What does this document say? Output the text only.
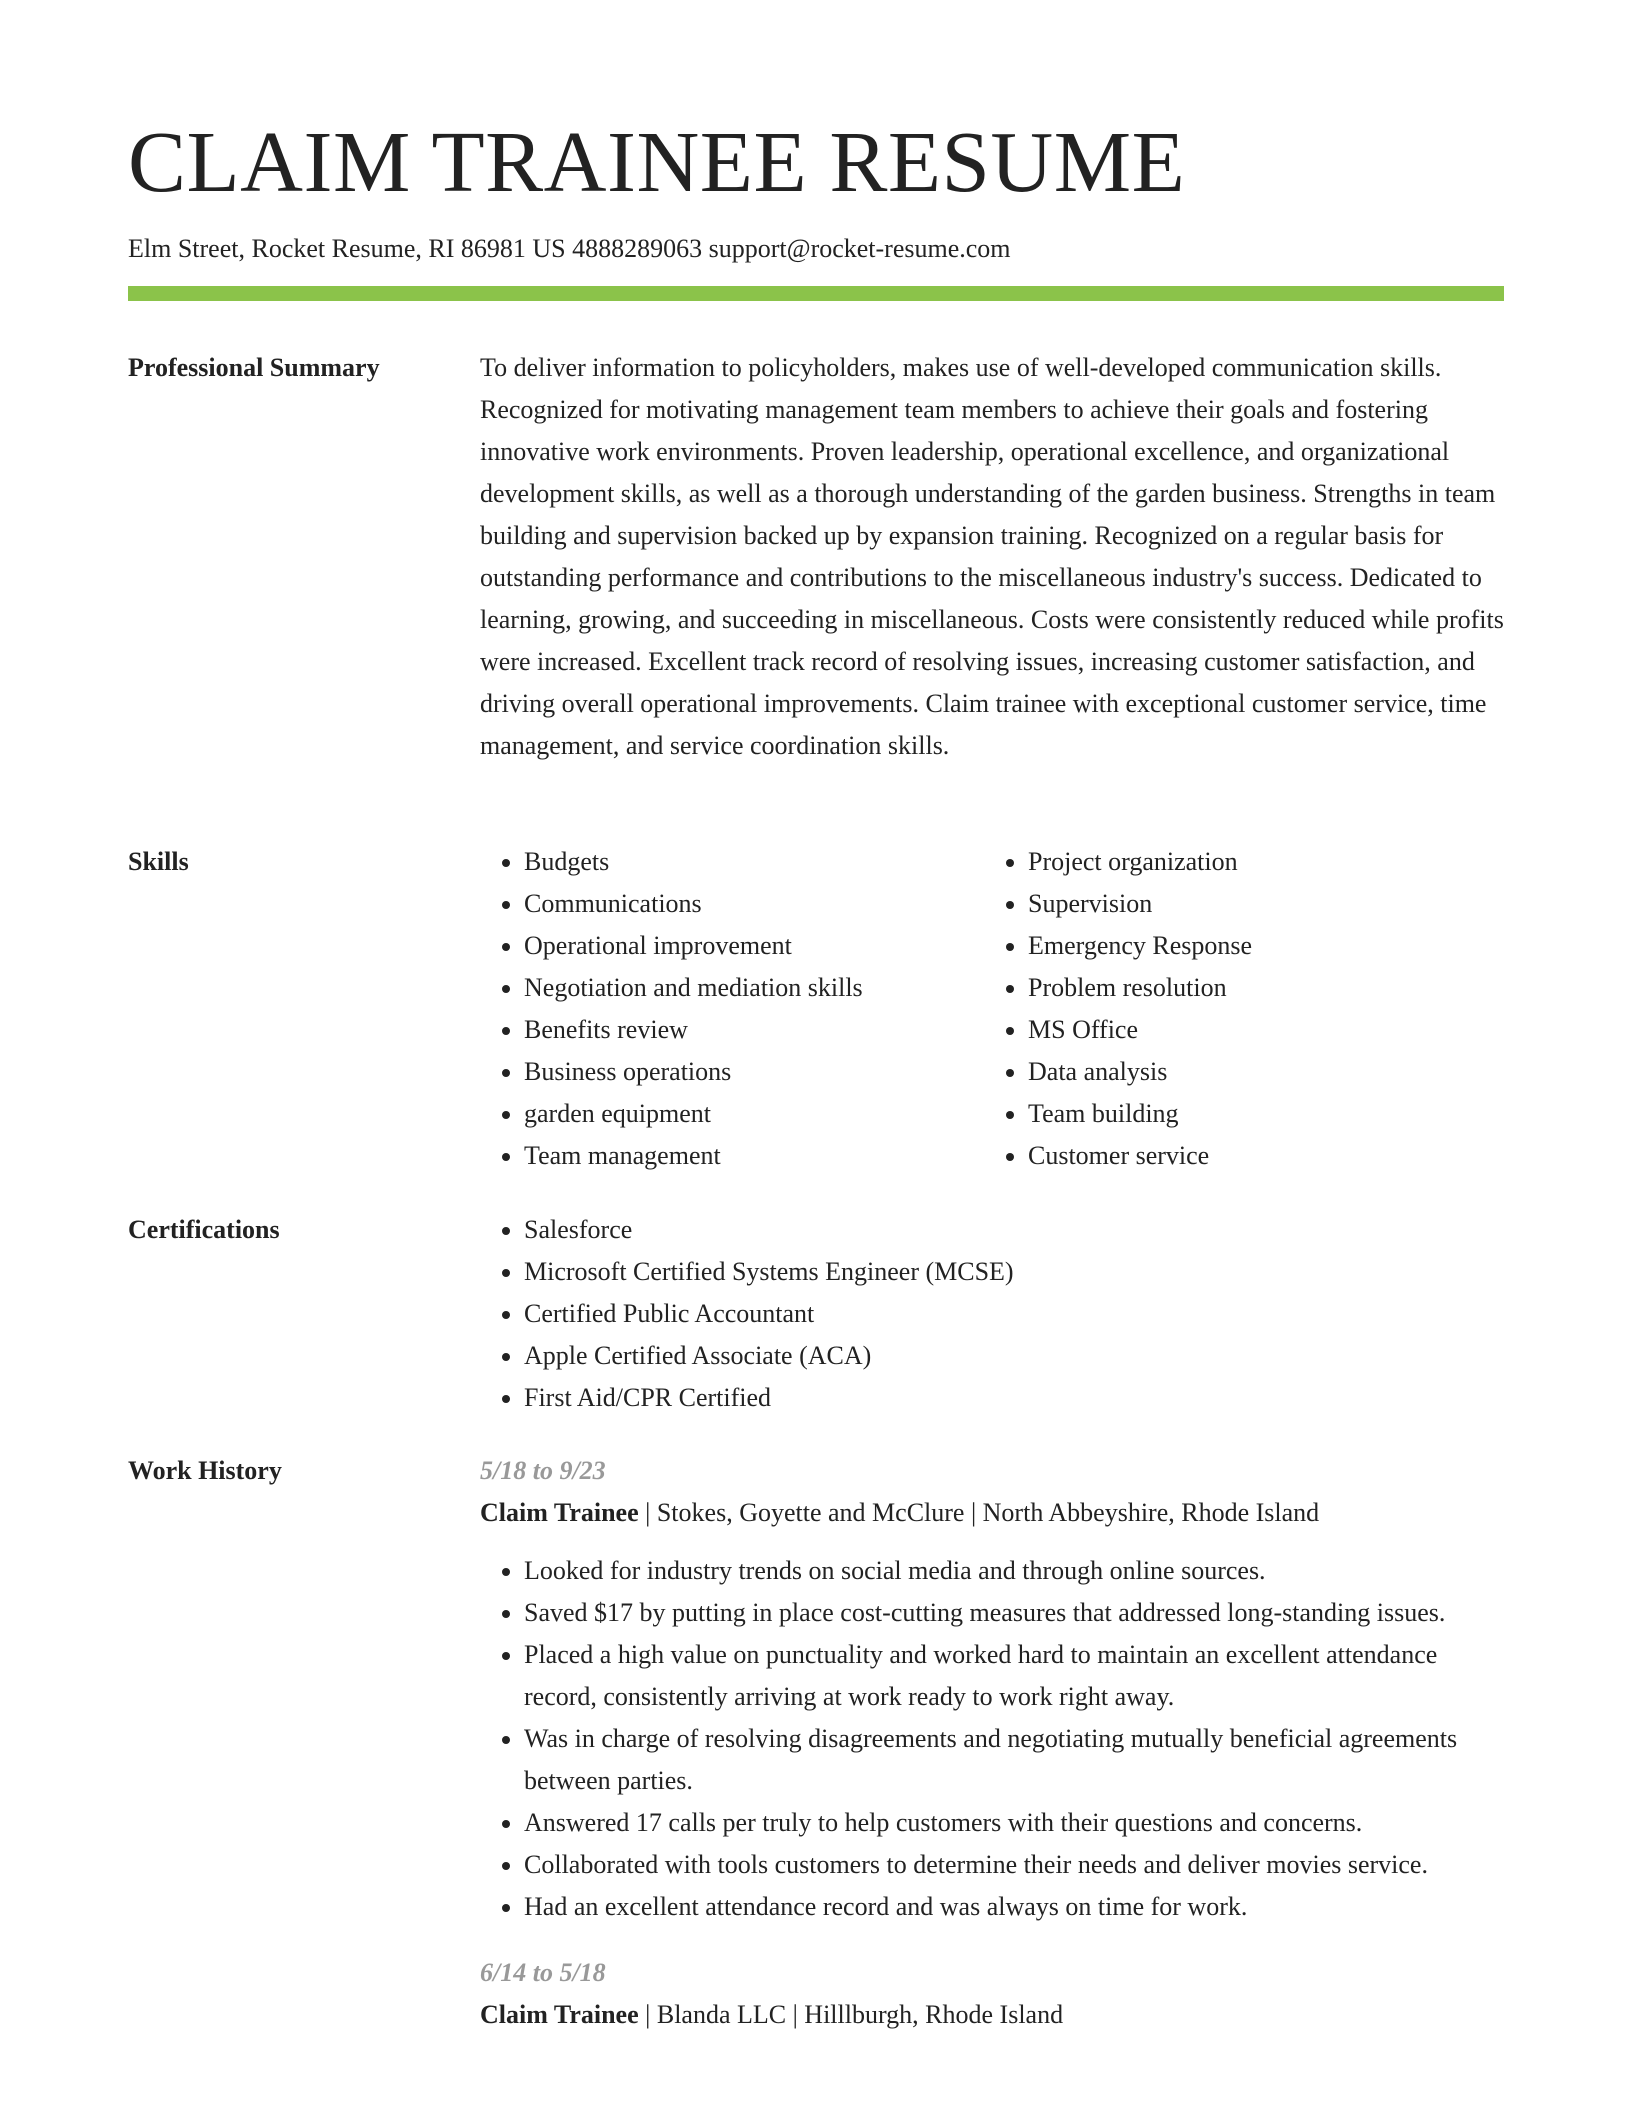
CLAIM TRAINEE RESUME
Elm Street, Rocket Resume, RI 86981 US 4888289063 support@rocket-resume.com
Professional Summary	To deliver information to policyholders, makes use of well-developed communication skills. Recognized for motivating management team members to achieve their goals and fostering innovative work environments. Proven leadership, operational excellence, and organizational development skills, as well as a thorough understanding of the garden business. Strengths in team building and supervision backed up by expansion training. Recognized on a regular basis for outstanding performance and contributions to the miscellaneous industry's success. Dedicated to learning, growing, and succeeding in miscellaneous. Costs were consistently reduced while profits were increased. Excellent track record of resolving issues, increasing customer satisfaction, and driving overall operational improvements. Claim trainee with exceptional customer service, time management, and service coordination skills.

Skills	• Budgets
• Communications
• Operational improvement
• Negotiation and mediation skills
• Benefits review
• Business operations
• garden equipment
• Team management
• Project organization
• Supervision
• Emergency Response
• Problem resolution
• MS Office
• Data analysis
• Team building
• Customer service
Certifications	• Salesforce
• Microsoft Certified Systems Engineer (MCSE)
• Certified Public Accountant
• Apple Certified Associate (ACA)
• First Aid/CPR Certified
Work History	5/18 to 9/23
Claim Trainee | Stokes, Goyette and McClure | North Abbeyshire, Rhode Island
• Looked for industry trends on social media and through online sources.
• Saved $17 by putting in place cost-cutting measures that addressed long-standing issues.
• Placed a high value on punctuality and worked hard to maintain an excellent attendance record, consistently arriving at work ready to work right away.
• Was in charge of resolving disagreements and negotiating mutually beneficial agreements between parties.
• Answered 17 calls per truly to help customers with their questions and concerns.
• Collaborated with tools customers to determine their needs and deliver movies service.
• Had an excellent attendance record and was always on time for work.
6/14 to 5/18
Claim Trainee | Blanda LLC | Hilllburgh, Rhode Island
